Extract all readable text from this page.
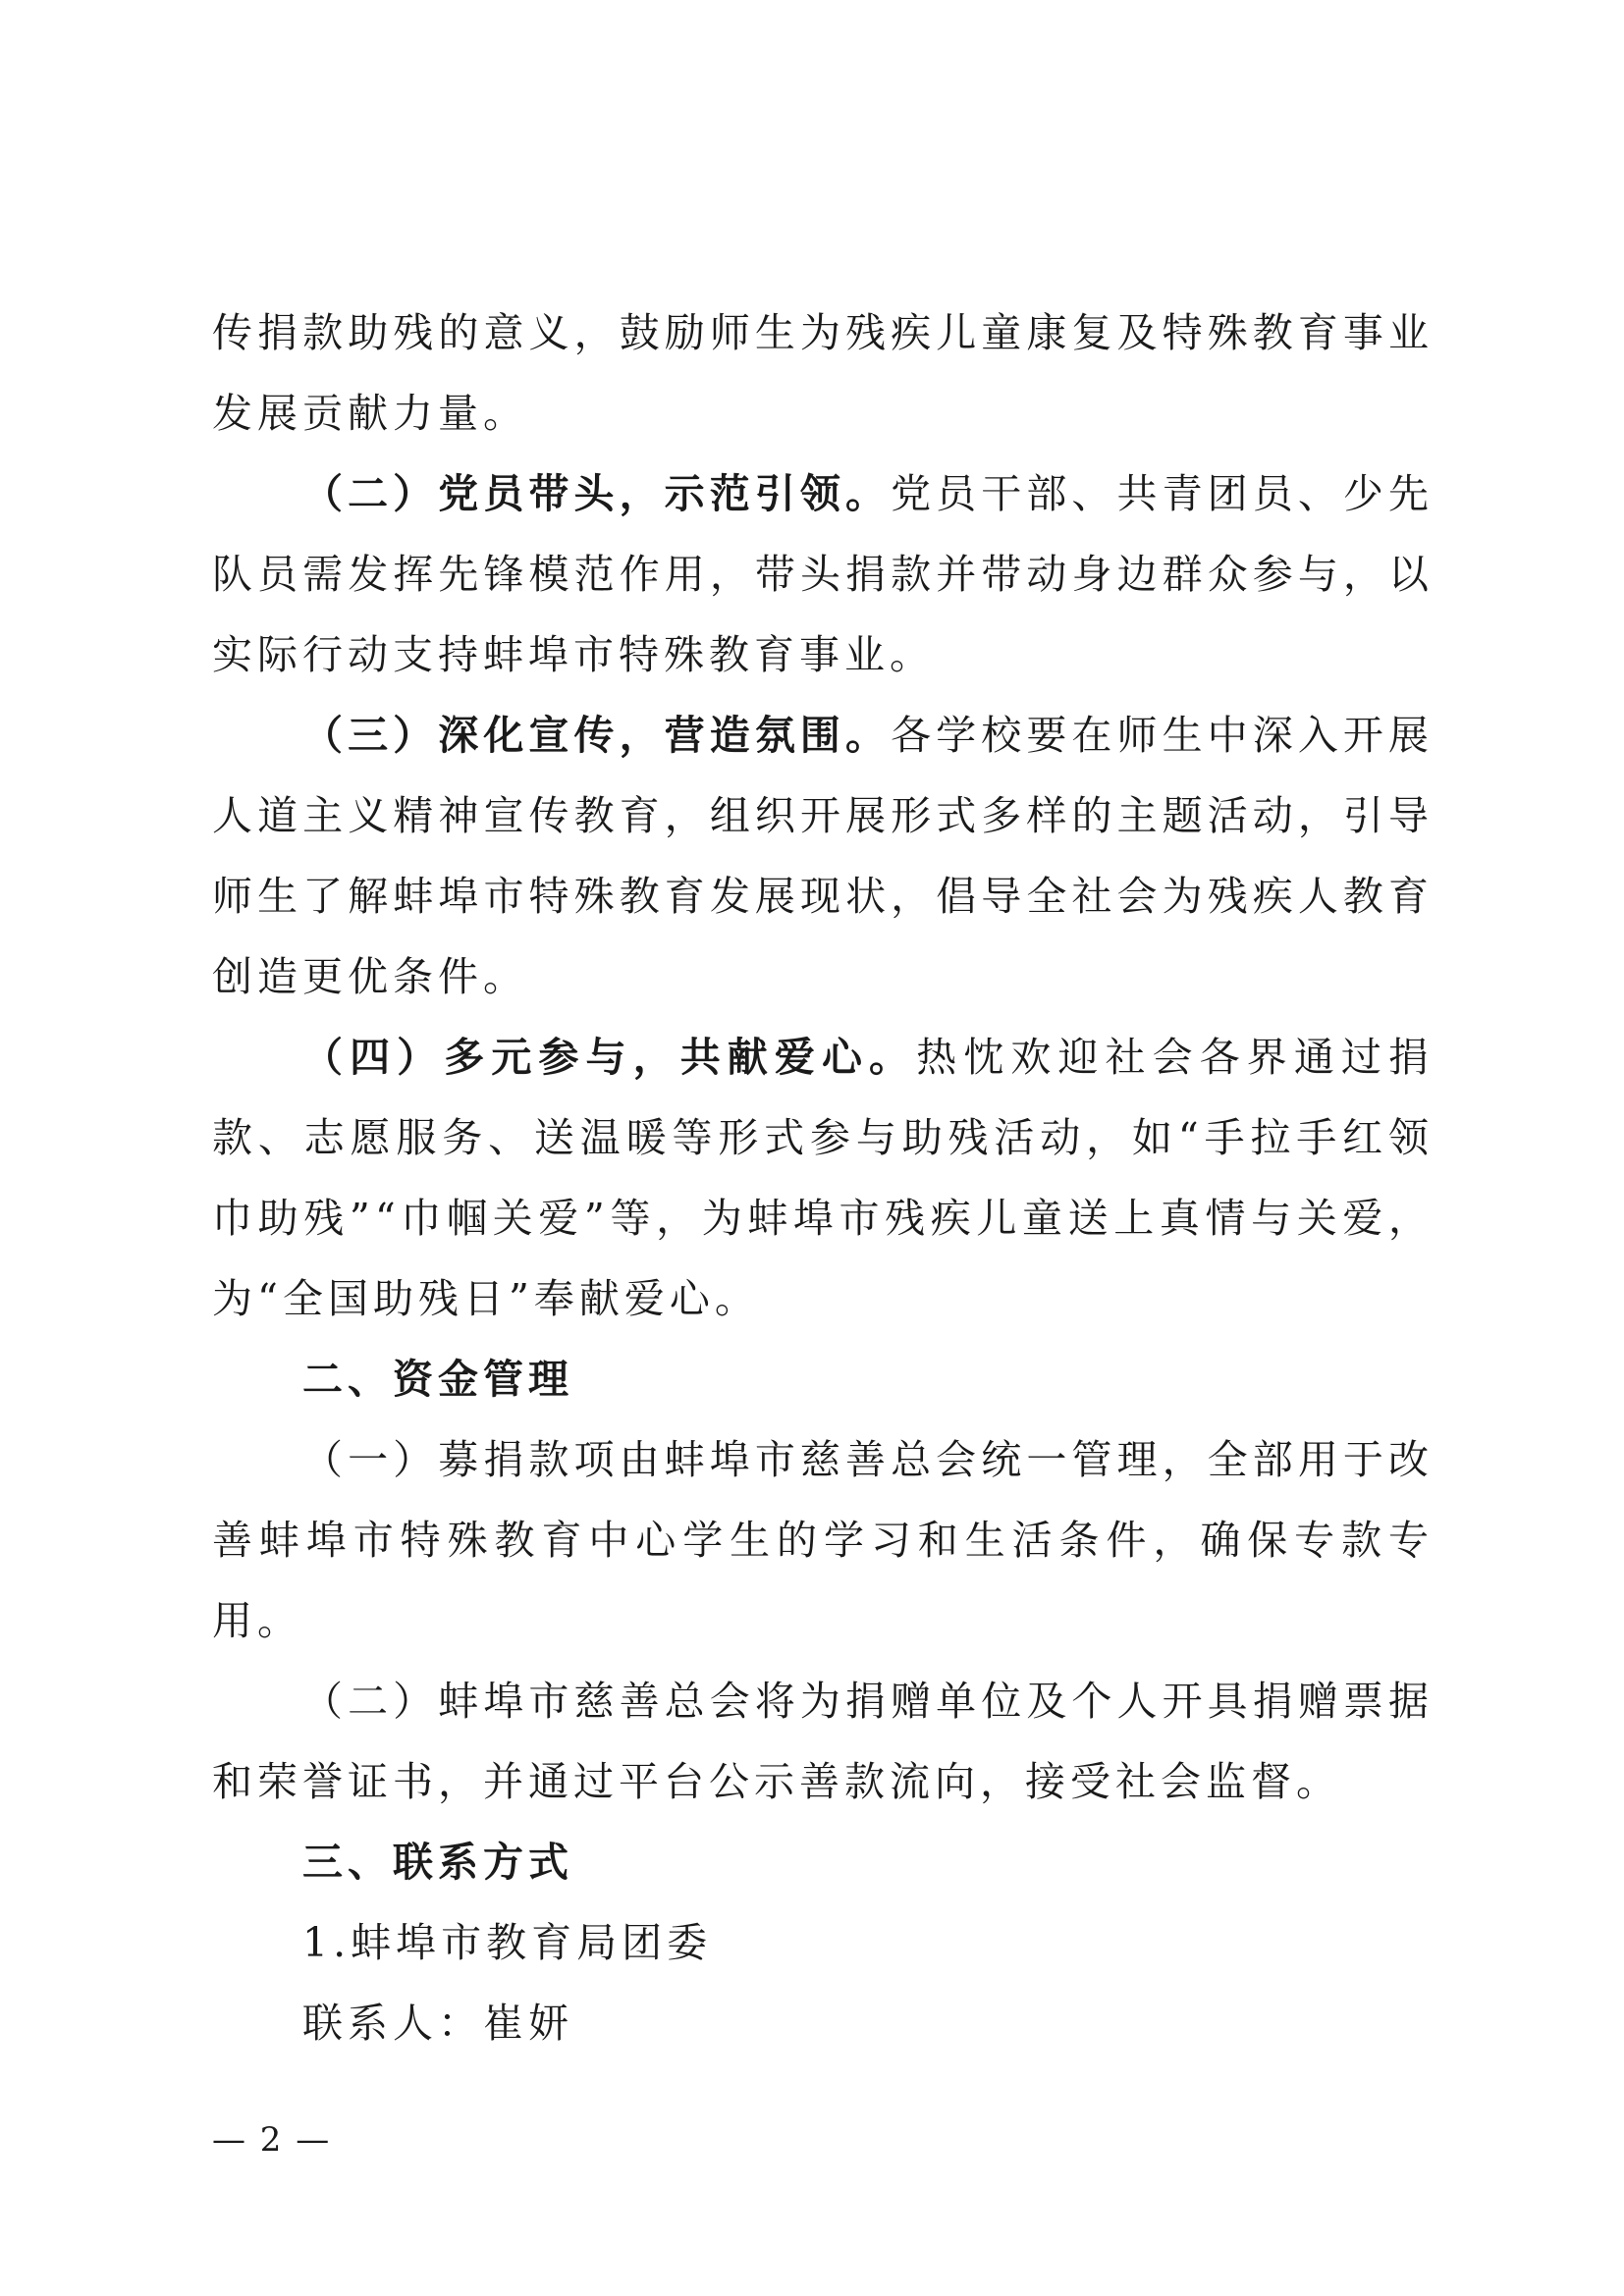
传捐款助残的意义，鼓励师生为残疾儿童康复及特殊教育事业发展贡献力量。

（二）党员带头，示范引领。党员干部、共青团员、少先队员需发挥先锋模范作用，带头捐款并带动身边群众参与，以实际行动支持蚌埠市特殊教育事业。

（三）深化宣传，营造氛围。各学校要在师生中深入开展人道主义精神宣传教育，组织开展形式多样的主题活动，引导师生了解蚌埠市特殊教育发展现状，倡导全社会为残疾人教育创造更优条件。

（四）多元参与，共献爱心。热忱欢迎社会各界通过捐款、志愿服务、送温暖等形式参与助残活动，如“手拉手红领巾助残”“巾帼关爱”等，为蚌埠市残疾儿童送上真情与关爱，为“全国助残日”奉献爱心。

二、资金管理

（一）募捐款项由蚌埠市慈善总会统一管理，全部用于改善蚌埠市特殊教育中心学生的学习和生活条件，确保专款专用。

（二）蚌埠市慈善总会将为捐赠单位及个人开具捐赠票据和荣誉证书，并通过平台公示善款流向，接受社会监督。

三、联系方式

1.蚌埠市教育局团委

联系人：崔妍

— 2 —
